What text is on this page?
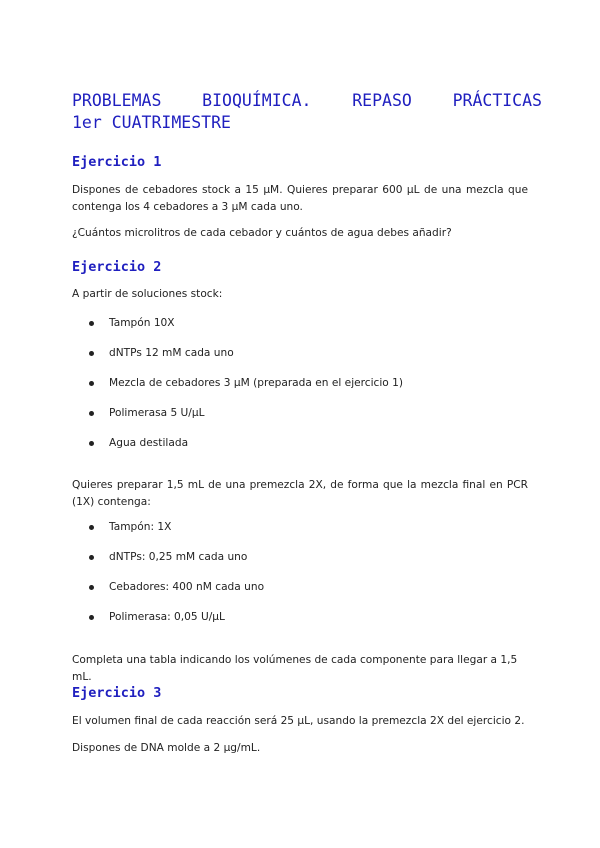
PROBLEMAS BIOQUÍMICA. REPASO PRÁCTICAS
1er CUATRIMESTRE
Ejercicio 1

Dispones de cebadores stock a 15 µM. Quieres preparar 600 µL de una mezcla que contenga los 4 cebadores a 3 µM cada uno.

¿Cuántos microlitros de cada cebador y cuántos de agua debes añadir?

Ejercicio 2

A partir de soluciones stock:

Tampón 10X
dNTPs 12 mM cada uno
Mezcla de cebadores 3 µM (preparada en el ejercicio 1)
Polimerasa 5 U/µL
Agua destilada

Quieres preparar 1,5 mL de una premezcla 2X, de forma que la mezcla final en PCR (1X) contenga:

Tampón: 1X
dNTPs: 0,25 mM cada uno
Cebadores: 400 nM cada uno
Polimerasa: 0,05 U/µL

Completa una tabla indicando los volúmenes de cada componente para llegar a 1,5 mL.

Ejercicio 3

El volumen final de cada reacción será 25 µL, usando la premezcla 2X del ejercicio 2.

Dispones de DNA molde a 2 µg/mL.
